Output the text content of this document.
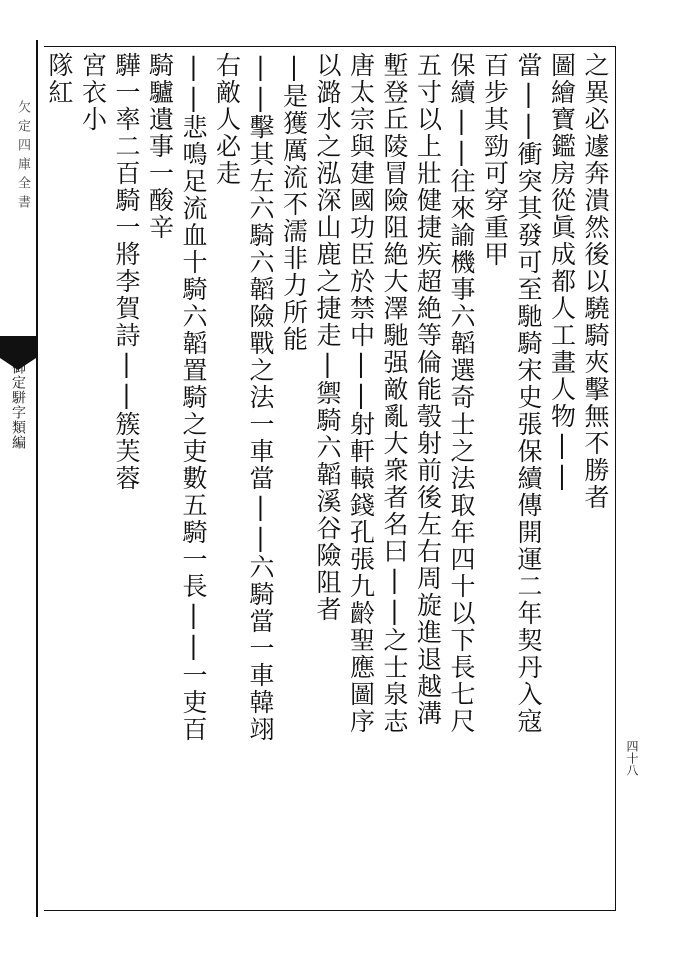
欠定四庫全書
御定駢字類編
四十八
之異必遽奔潰然後以驍騎夾擊無不勝者
圖繪寶鑑房從眞成都人工畫人物||
當||衝突其發可至馳騎宋史張保續傳開運二年契丹入寇
百步其勁可穿重甲
保續||往來諭機事六韜選奇士之法取年四十以下長七尺
五寸以上壯健捷疾超絶等倫能彀射前後左右周旋進退越溝
塹登丘陵冒險阻絶大澤馳强敵亂大衆者名曰||之士泉志
唐太宗與建國功臣於禁中||射軒轅錢孔張九齡聖應圖序
以潞水之泓深山鹿之捷走|禦騎六韜溪谷險阻者
|是獲厲流不濡非力所能
||擊其左六騎六韜險戰之法一車當||六騎當一車韓翊
右敵人必走
||悲鳴足流血十騎六韜置騎之吏數五騎一長||一吏百
騎驢遺事一酸辛
驊一率二百騎一將李賀詩||簇芙蓉
宮衣小
隊紅
